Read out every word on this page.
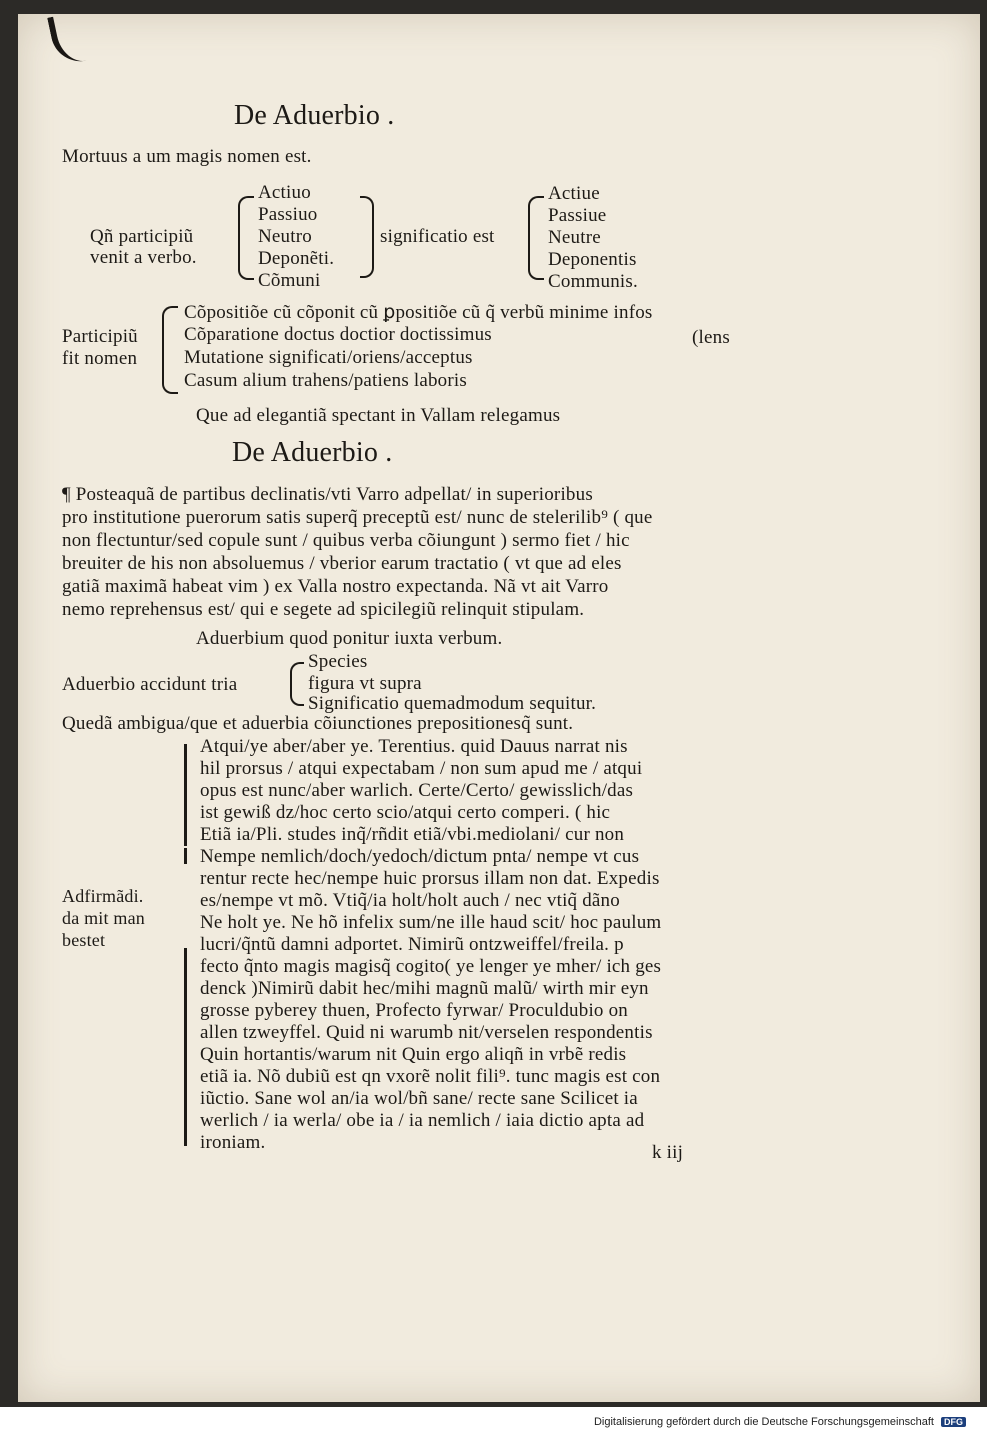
De Aduerbio .
Mortuus a um magis nomen est.
Qñ participiũ
venit a verbo.
Actiuo
Passiuo
Neutro
Deponẽti.
Cõmuni
significatio est
Actiue
Passiue
Neutre
Deponentis
Communis.
Participiũ
fit nomen
Cõpositiõe cũ cõponit cũ ꝑpositiõe cũ q̃ verbũ minime infos
Cõparatione doctus doctior doctissimus	(lens
Mutatione significati/oriens/acceptus
Casum alium trahens/patiens laboris
Que ad elegantiã spectant in Vallam relegamus
De Aduerbio .
¶ Posteaquã de partibus declinatis/vti Varro adpellat/ in superioribus
pro institutione puerorum satis superq̃ preceptũ est/ nunc de stelerilib⁹ ( que
non flectuntur/sed copule sunt / quibus verba cõiungunt ) sermo fiet / hic
breuiter de his non absoluemus / vberior earum tractatio ( vt que ad eles
gatiã maximã habeat vim ) ex Valla nostro expectanda. Nã vt ait Varro
nemo reprehensus est/ qui e segete ad spicilegiũ relinquit stipulam.
Aduerbium quod ponitur iuxta verbum.
Aduerbio accidunt tria
Species
figura vt supra
Significatio quemadmodum sequitur.
Quedã ambigua/que et aduerbia cõiunctiones prepositionesq̃ sunt.
Adfirmãdi.
da mit man
bestet
Atqui/ye aber/aber ye. Terentius. quid Dauus narrat nis
hil prorsus / atqui expectabam / non sum apud me / atqui
opus est nunc/aber warlich. Certe/Certo/ gewisslich/das
ist gewiß dz/hoc certo scio/atqui certo comperi. ( hic
Etiã ia/Pli. studes inq̃/rñdit etiã/vbi.mediolani/ cur non
Nempe nemlich/doch/yedoch/dictum pnta/ nempe vt cus
rentur recte hec/nempe huic prorsus illam non dat. Expedis
es/nempe vt mõ. Vtiq̃/ia holt/holt auch / nec vtiq̃ dãno
Ne holt ye. Ne hõ infelix sum/ne ille haud scit/ hoc paulum
lucri/q̃ntũ damni adportet. Nimirũ ontzweiffel/freila. p
fecto q̃nto magis magisq̃ cogito( ye lenger ye mher/ ich ges
denck )Nimirũ dabit hec/mihi magnũ malũ/ wirth mir eyn
grosse pyberey thuen, Profecto fyrwar/ Proculdubio on
allen tzweyffel. Quid ni warumb nit/verselen respondentis
Quin hortantis/warum nit Quin ergo aliqñ in vrbẽ redis
etiã ia. Nõ dubiũ est qn vxorẽ nolit fili⁹. tunc magis est con
iũctio. Sane wol an/ia wol/bñ sane/ recte sane Scilicet ia
werlich / ia werla/ obe ia / ia nemlich / iaia dictio apta ad
ironiam.	k iij
Digitalisierung gefördert durch die Deutsche Forschungsgemeinschaft DFG
